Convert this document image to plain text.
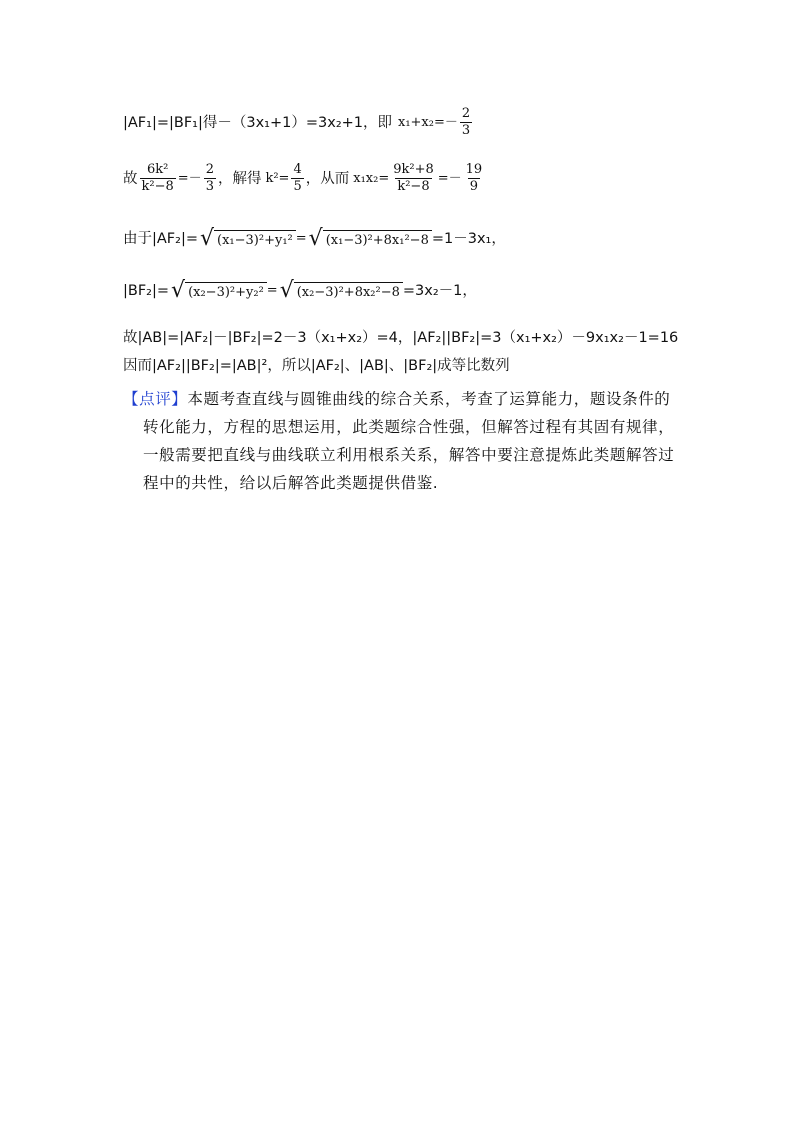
|AF₁|=|BF₁|得－（3x₁+1）=3x₂+1，即 $x_1+x_2= - \frac{2}{3}$
故 $\frac{\text{6k²}}{\text{k²−8}}$ = － $\frac{2}{3}$ ，解得 $k^2= \frac{4}{5}$ ，从而 $x_1x_2= \frac{\text{9k²+8}}{\text{k²−8}} =- \frac{19}{9}$
由于|AF₂|= √ (x₁−3)²+y₁² = √ (x₁−3)²+8x₁²−8 =1－3x₁，
|BF₂|= √ (x₂−3)²+y₂² = √ (x₂−3)²+8x₂²−8 =3x₂－1，
故|AB|=|AF₂|－|BF₂|=2－3（x₁+x₂）=4，|AF₂||BF₂|=3（x₁+x₂）－9x₁x₂－1=16
因而|AF₂||BF₂|=|AB|²，所以|AF₂|、|AB|、|BF₂|成等比数列
【点评】本题考查直线与圆锥曲线的综合关系，考查了运算能力，题设条件的
转化能力，方程的思想运用，此类题综合性强，但解答过程有其固有规律，
一般需要把直线与曲线联立利用根系关系，解答中要注意提炼此类题解答过
程中的共性，给以后解答此类题提供借鉴.
